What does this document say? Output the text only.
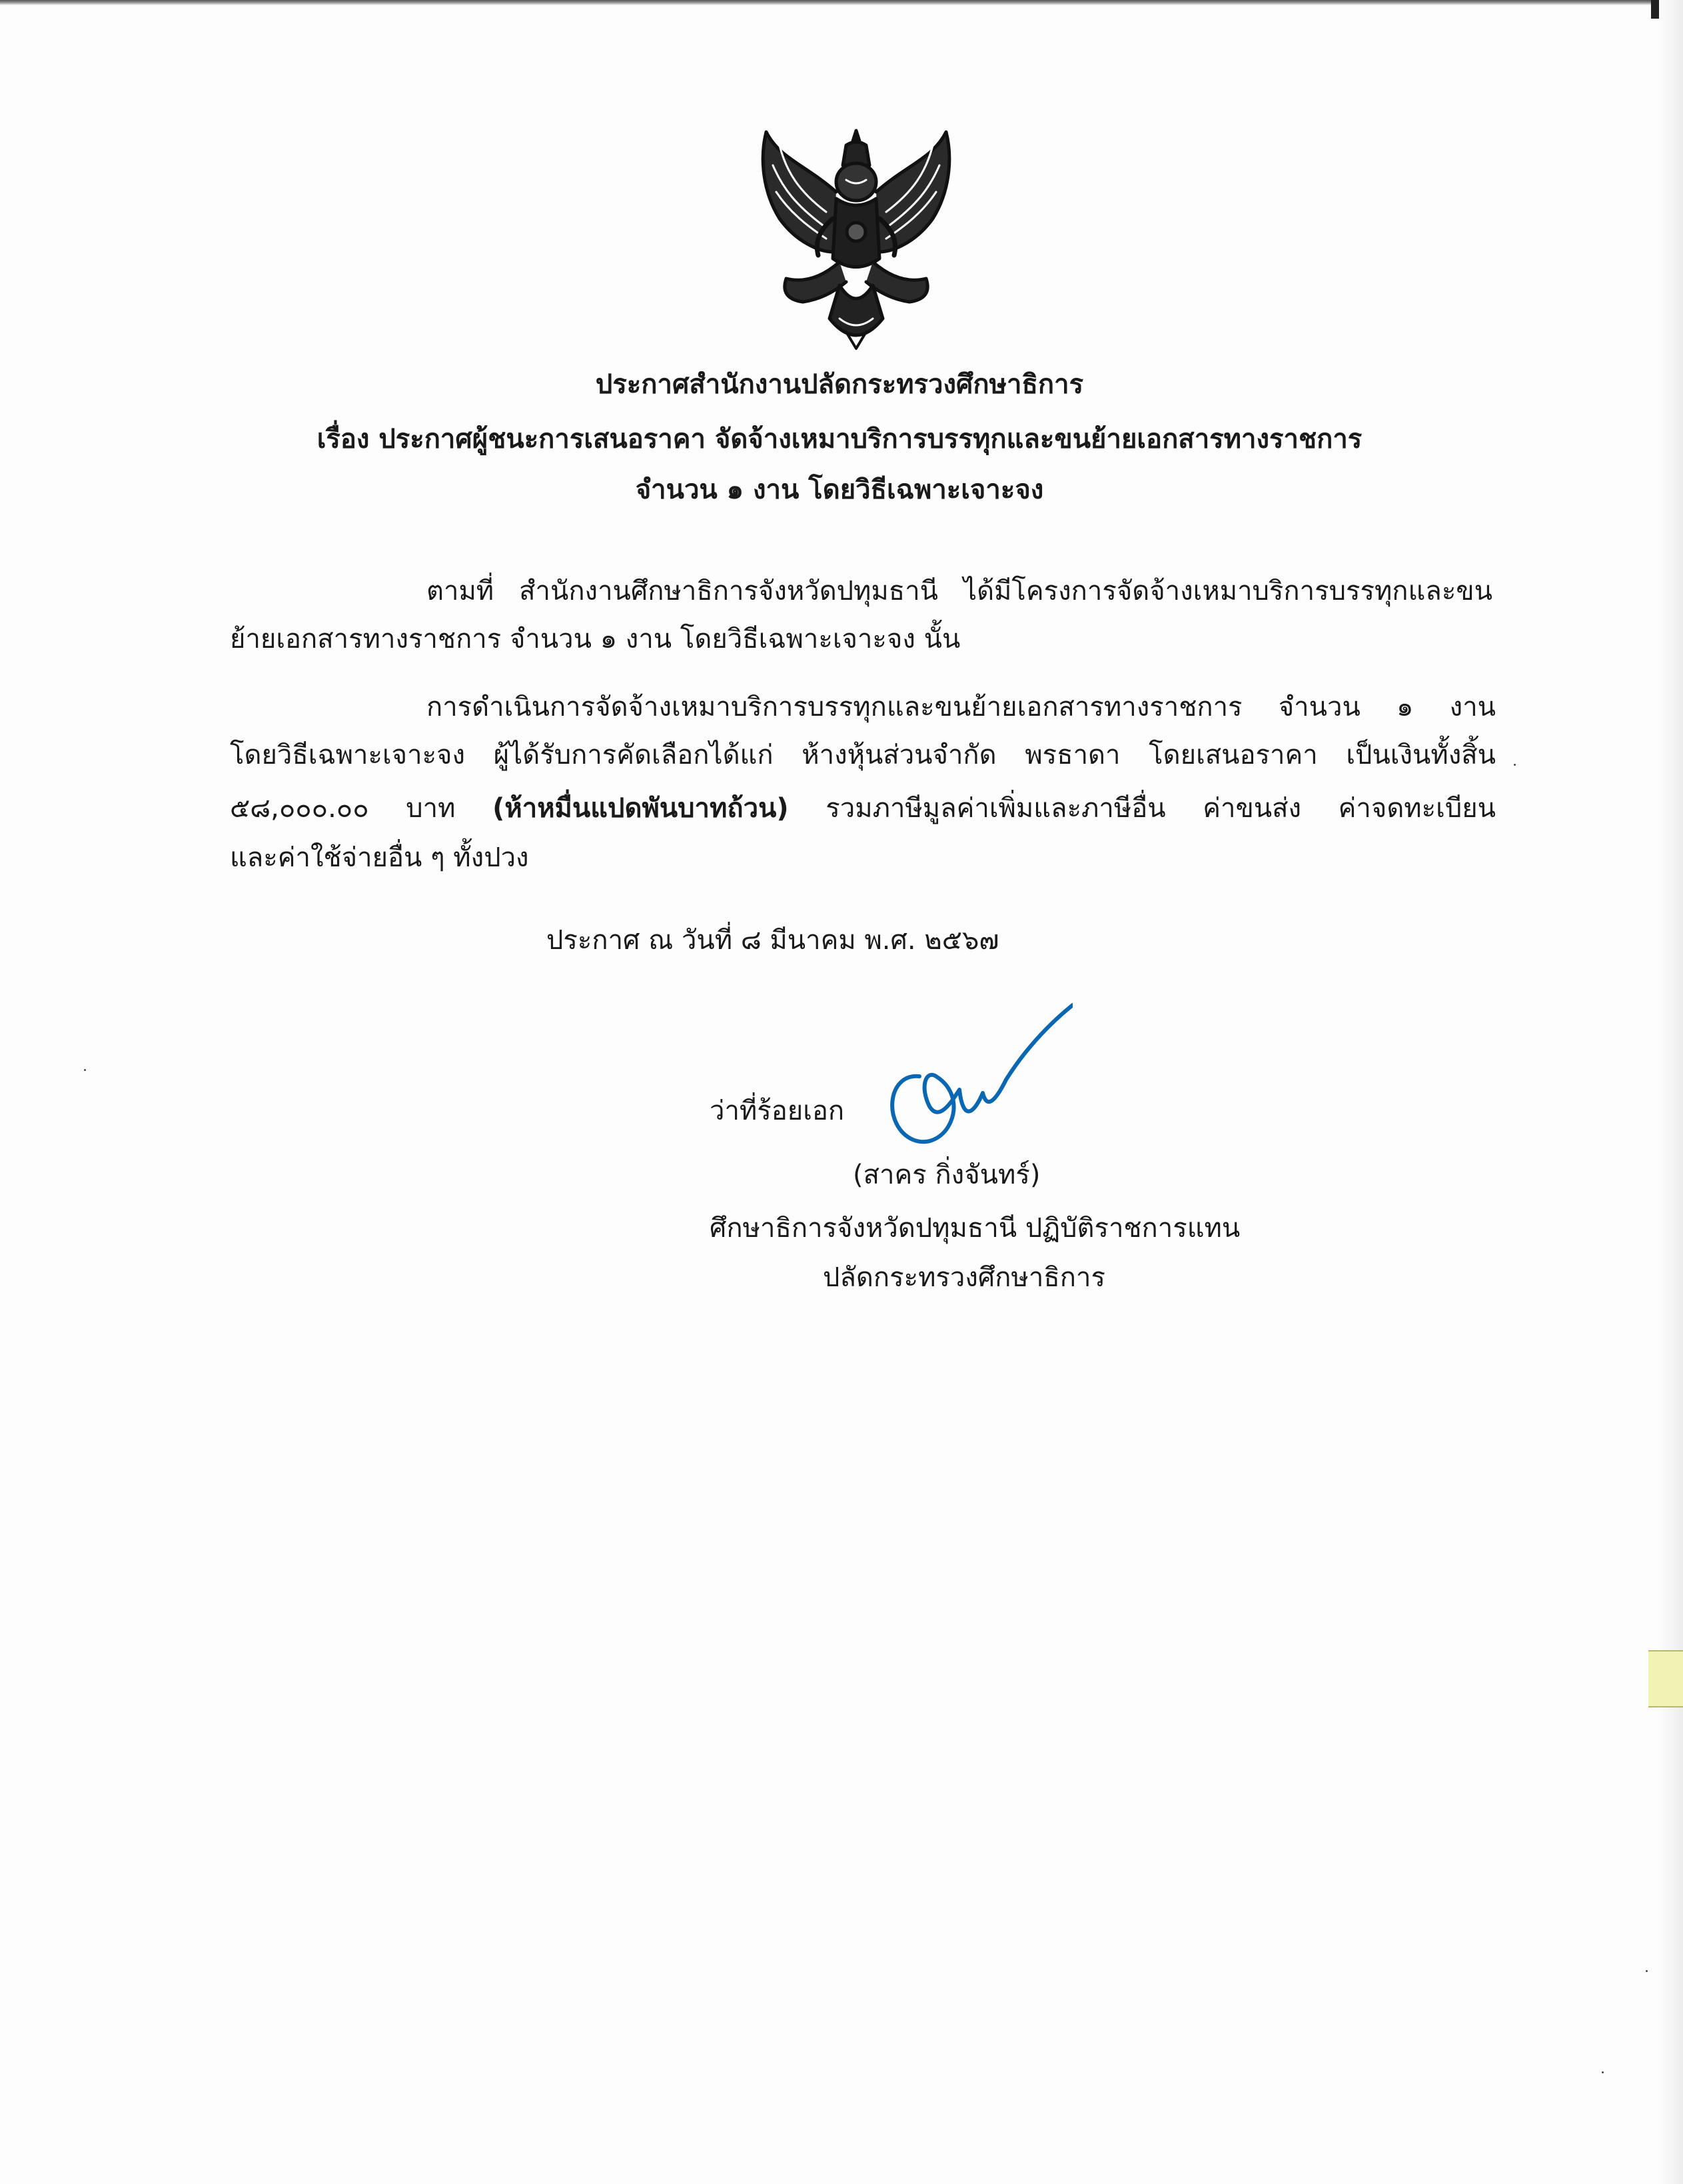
ประกาศสำนักงานปลัดกระทรวงศึกษาธิการ
เรื่อง ประกาศผู้ชนะการเสนอราคา จัดจ้างเหมาบริการบรรทุกและขนย้ายเอกสารทางราชการ
จำนวน ๑ งาน โดยวิธีเฉพาะเจาะจง
ตามที่ สำนักงานศึกษาธิการจังหวัดปทุมธานี ได้มีโครงการจัดจ้างเหมาบริการบรรทุกและขน
ย้ายเอกสารทางราชการ จำนวน ๑ งาน โดยวิธีเฉพาะเจาะจง นั้น
การดำเนินการจัดจ้างเหมาบริการบรรทุกและขนย้ายเอกสารทางราชการ จำนวน ๑ งาน
โดยวิธีเฉพาะเจาะจง ผู้ได้รับการคัดเลือกได้แก่ ห้างหุ้นส่วนจำกัด พรธาดา โดยเสนอราคา เป็นเงินทั้งสิ้น
๕๘,๐๐๐.๐๐ บาท (ห้าหมื่นแปดพันบาทถ้วน) รวมภาษีมูลค่าเพิ่มและภาษีอื่น ค่าขนส่ง ค่าจดทะเบียน
และค่าใช้จ่ายอื่น ๆ ทั้งปวง
ประกาศ ณ วันที่ ๘ มีนาคม พ.ศ. ๒๕๖๗
ว่าที่ร้อยเอก
(สาคร กิ่งจันทร์)
ศึกษาธิการจังหวัดปทุมธานี ปฏิบัติราชการแทน
ปลัดกระทรวงศึกษาธิการ
